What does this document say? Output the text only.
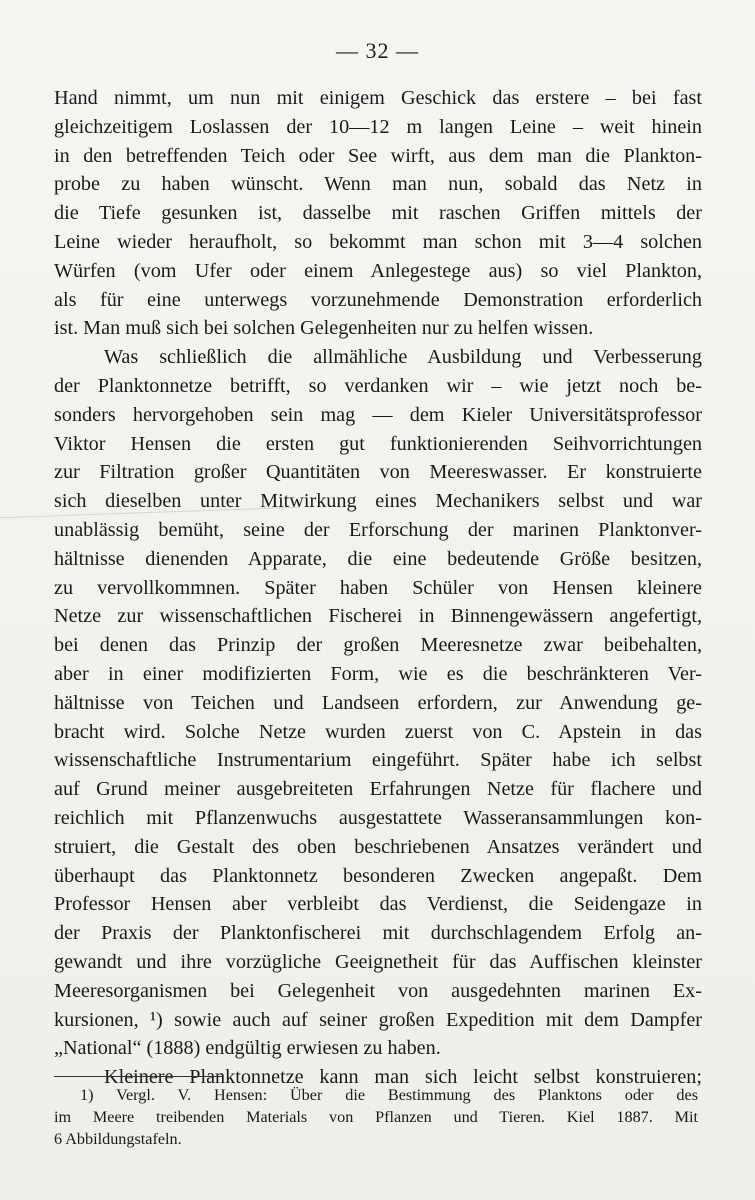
— 32 —
Hand nimmt, um nun mit einigem Geschick das erstere – bei fast
gleichzeitigem Loslassen der 10—12 m langen Leine – weit hinein
in den betreffenden Teich oder See wirft, aus dem man die Plankton-
probe zu haben wünscht. Wenn man nun, sobald das Netz in
die Tiefe gesunken ist, dasselbe mit raschen Griffen mittels der
Leine wieder heraufholt, so bekommt man schon mit 3—4 solchen
Würfen (vom Ufer oder einem Anlegestege aus) so viel Plankton,
als für eine unterwegs vorzunehmende Demonstration erforderlich
ist. Man muß sich bei solchen Gelegenheiten nur zu helfen wissen.
Was schließlich die allmähliche Ausbildung und Verbesserung
der Planktonnetze betrifft, so verdanken wir – wie jetzt noch be-
sonders hervorgehoben sein mag — dem Kieler Universitätsprofessor
Viktor Hensen die ersten gut funktionierenden Seihvorrichtungen
zur Filtration großer Quantitäten von Meereswasser. Er konstruierte
sich dieselben unter Mitwirkung eines Mechanikers selbst und war
unablässig bemüht, seine der Erforschung der marinen Planktonver-
hältnisse dienenden Apparate, die eine bedeutende Größe besitzen,
zu vervollkommnen. Später haben Schüler von Hensen kleinere
Netze zur wissenschaftlichen Fischerei in Binnengewässern angefertigt,
bei denen das Prinzip der großen Meeresnetze zwar beibehalten,
aber in einer modifizierten Form, wie es die beschränkteren Ver-
hältnisse von Teichen und Landseen erfordern, zur Anwendung ge-
bracht wird. Solche Netze wurden zuerst von C. Apstein in das
wissenschaftliche Instrumentarium eingeführt. Später habe ich selbst
auf Grund meiner ausgebreiteten Erfahrungen Netze für flachere und
reichlich mit Pflanzenwuchs ausgestattete Wasseransammlungen kon-
struiert, die Gestalt des oben beschriebenen Ansatzes verändert und
überhaupt das Planktonnetz besonderen Zwecken angepaßt. Dem
Professor Hensen aber verbleibt das Verdienst, die Seidengaze in
der Praxis der Planktonfischerei mit durchschlagendem Erfolg an-
gewandt und ihre vorzügliche Geeignetheit für das Auffischen kleinster
Meeresorganismen bei Gelegenheit von ausgedehnten marinen Ex-
kursionen, ¹) sowie auch auf seiner großen Expedition mit dem Dampfer
„National“ (1888) endgültig erwiesen zu haben.
Kleinere Planktonnetze kann man sich leicht selbst konstruieren;
1) Vergl. V. Hensen: Über die Bestimmung des Planktons oder des
im Meere treibenden Materials von Pflanzen und Tieren. Kiel 1887. Mit
6 Abbildungstafeln.
